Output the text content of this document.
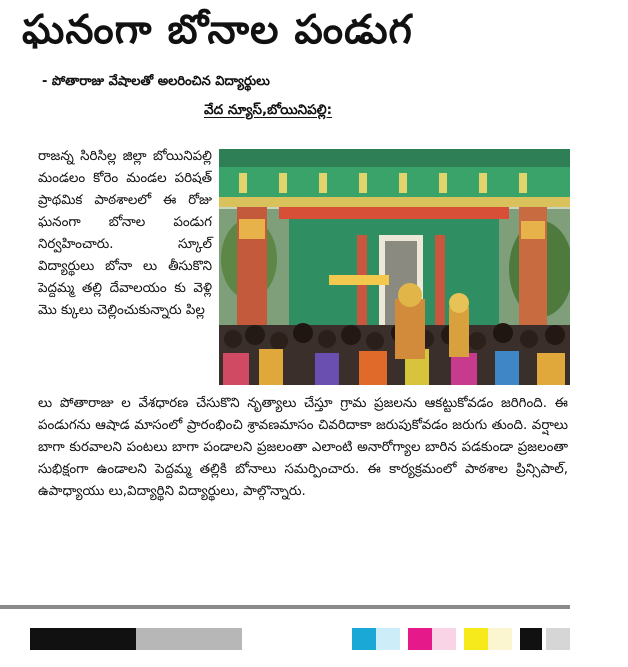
ఘనంగా బోనాల పండుగ
- పోతారాజు వేషాలతో అలరించిన విద్యార్థులు
వేద న్యూస్,బోయినిపల్లి:

రాజన్న సిరిసిల్ల జిల్లా బోయినిపల్లి మండలం కోరెం మండల పరిషత్ ప్రాథమిక పాఠశాలలో ఈ రోజు ఘనంగా బోనాల పండుగ నిర్వహించారు. స్కూల్ విద్యార్థులు బోనా లు తీసుకొని పెద్దమ్మ తల్లి దేవాలయం కు వెళ్లి మొ క్కులు చెల్లించుకున్నారు పిల్ల

లు పోతారాజు ల వేశధారణ చేసుకొని నృత్యాలు చేస్తూ గ్రామ ప్రజలను ఆకట్టుకోవడం జరిగింది. ఈ పండుగను ఆషాడ మాసంలో ప్రారంభించి శ్రావణమాసం చివరిదాకా జరుపుకోవడం జరుగు తుంది. వర్షాలు బాగా కురవాలని పంటలు బాగా పండాలని ప్రజలంతా ఎలాంటి అనారోగ్యాల బారిన పడకుండా ప్రజలంతా సుభిక్షంగా ఉండాలని పెద్దమ్మ తల్లికి బోనాలు సమర్పించారు. ఈ కార్యక్రమంలో పాఠశాల ప్రిన్సిపాల్, ఉపాధ్యాయు లు,విద్యార్థిని విద్యార్థులు, పాల్గొన్నారు.
